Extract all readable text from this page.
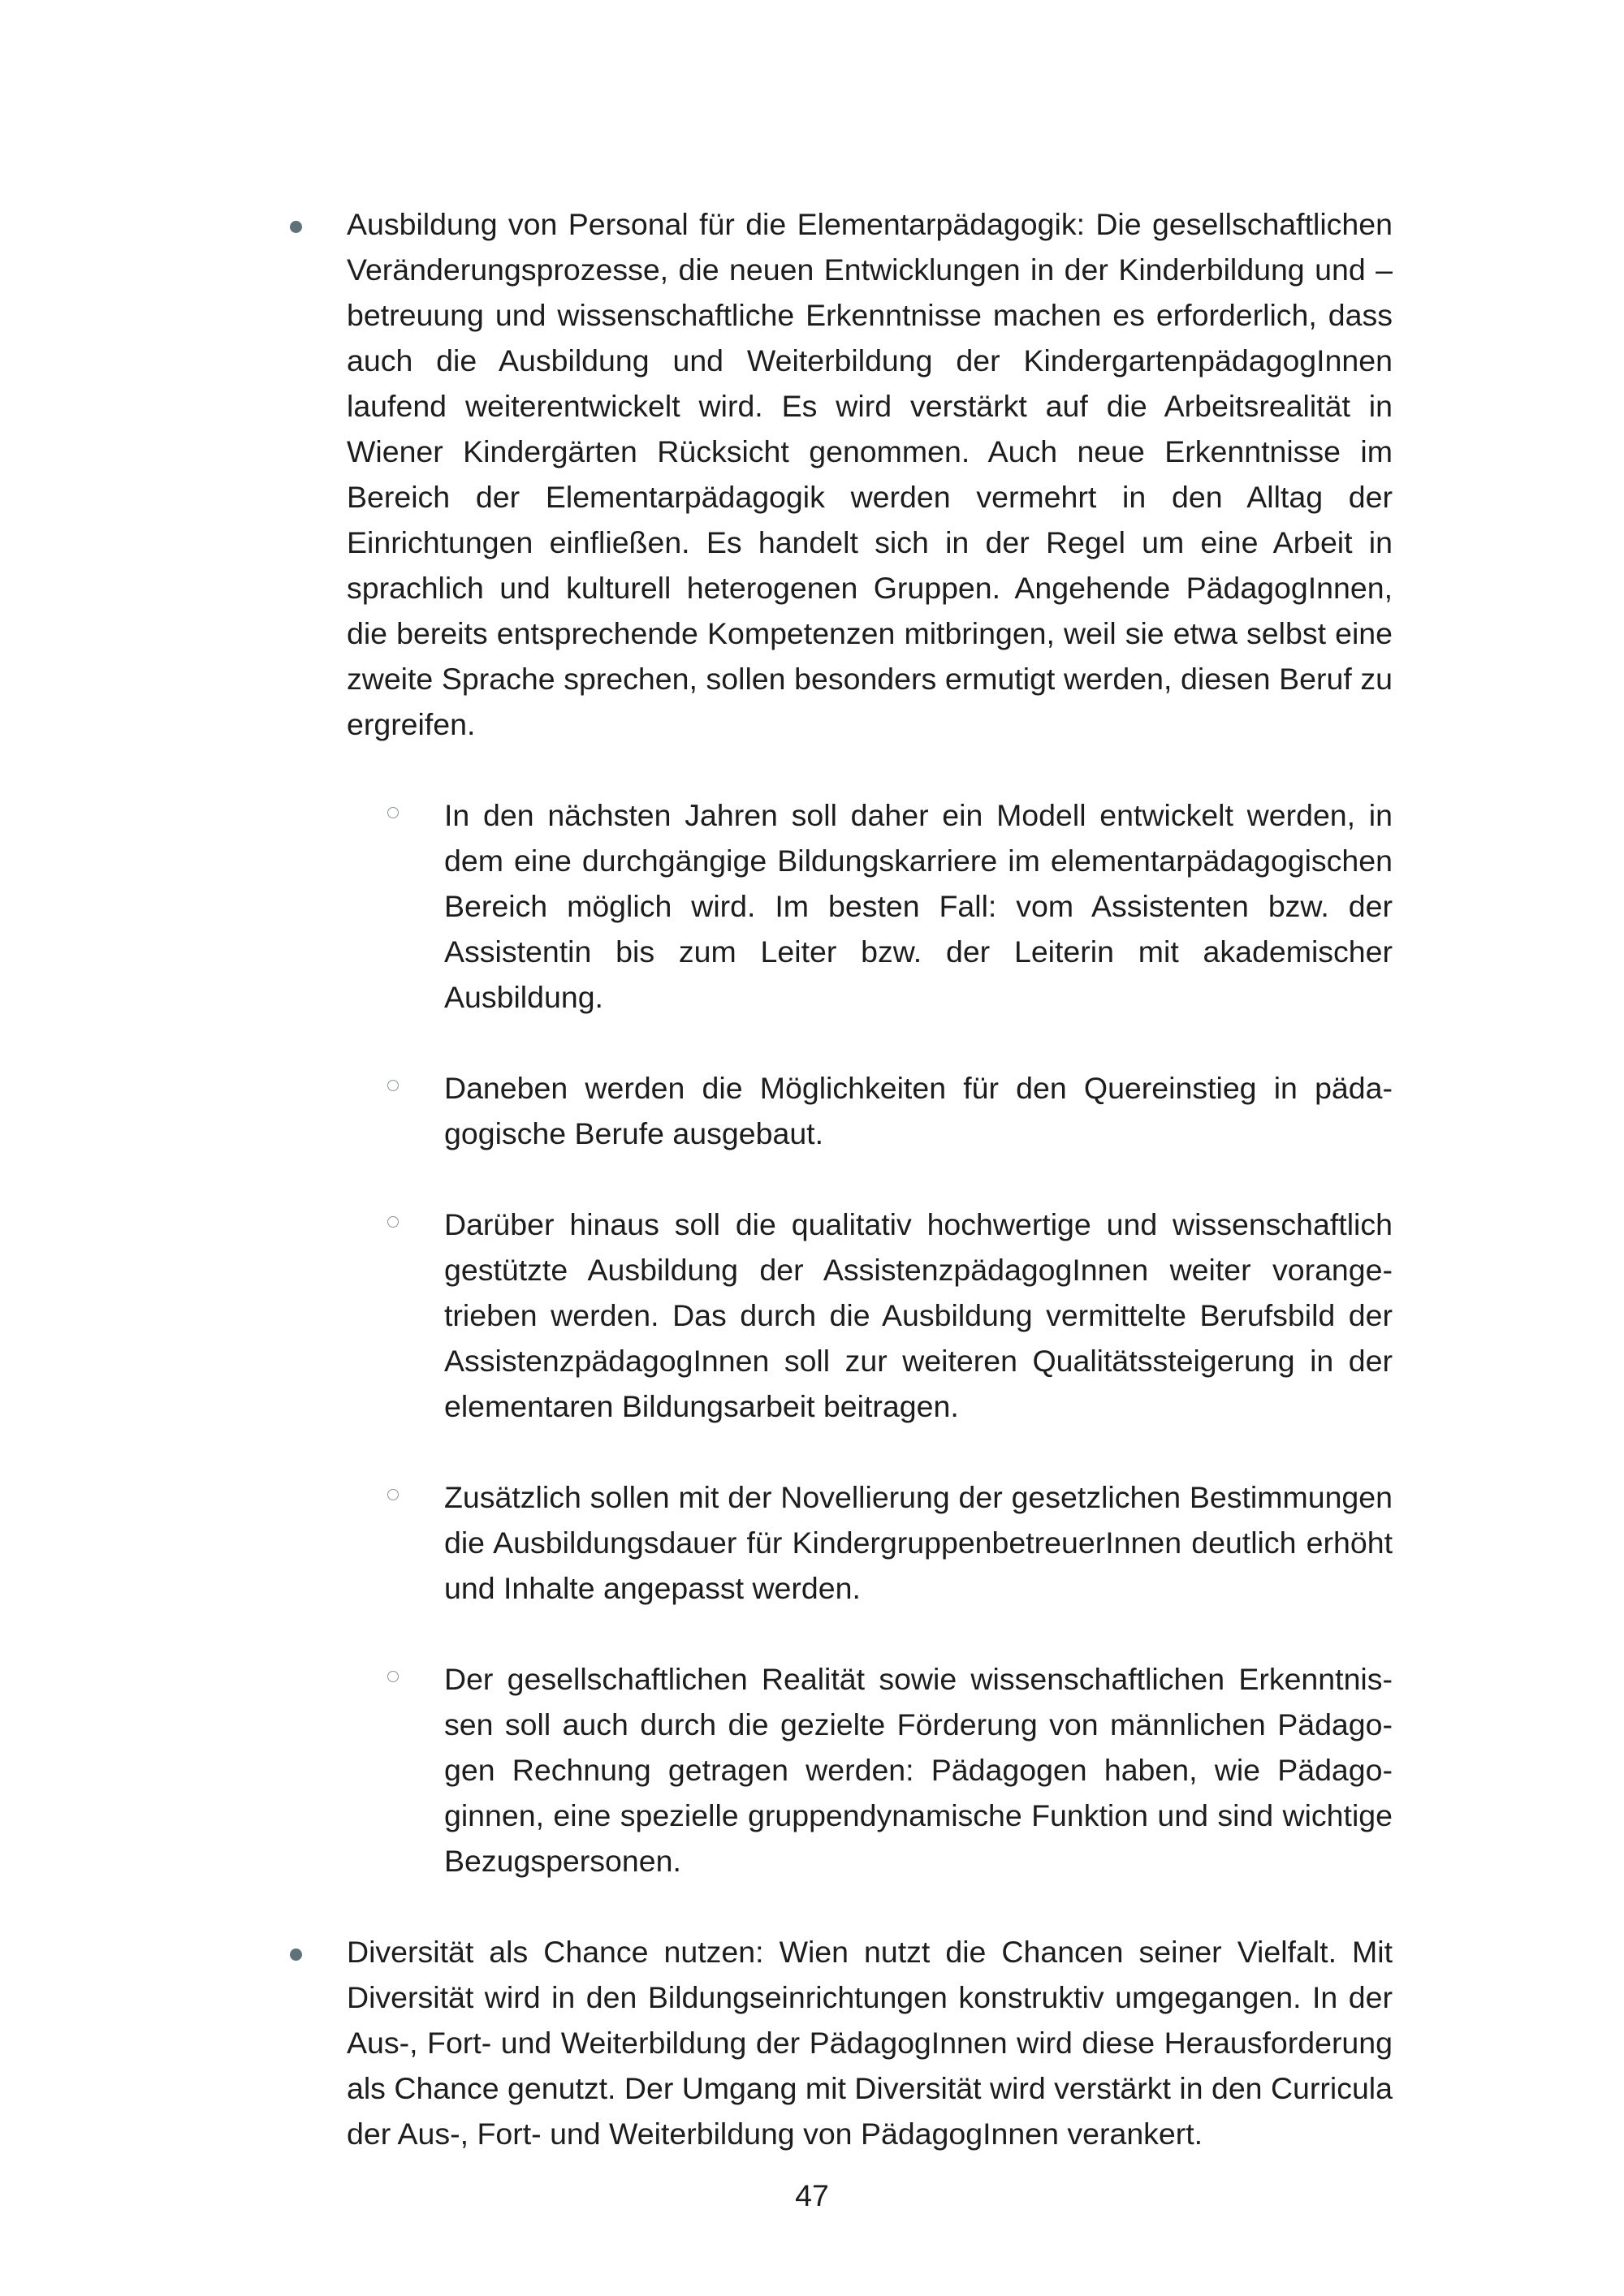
Ausbildung von Personal für die Elementarpädagogik: Die gesellschaftlichen Veränderungsprozesse, die neuen Entwicklungen in der Kinderbildung und –betreuung und wissenschaftliche Erkenntnisse machen es erforderlich, dass auch die Ausbildung und Weiterbildung der KindergartenpädagogInnen laufend weiterentwickelt wird. Es wird verstärkt auf die Arbeitsrealität in Wiener Kindergärten Rücksicht genommen. Auch neue Erkenntnisse im Bereich der Elementarpädagogik werden vermehrt in den Alltag der Einrichtungen einfließen. Es handelt sich in der Regel um eine Arbeit in sprachlich und kulturell heterogenen Gruppen. Angehende PädagogInnen, die bereits entsprechende Kompetenzen mitbringen, weil sie etwa selbst eine zweite Sprache sprechen, sollen besonders ermutigt werden, diesen Beruf zu ergreifen.

In den nächsten Jahren soll daher ein Modell entwickelt werden, in dem eine durchgängige Bildungskarriere im elementarpädagogischen Bereich möglich wird. Im besten Fall: vom Assistenten bzw. der Assistentin bis zum Leiter bzw. der Leiterin mit akademischer Ausbildung.

Daneben werden die Möglichkeiten für den Quereinstieg in pädagogische Berufe ausgebaut.

Darüber hinaus soll die qualitativ hochwertige und wissenschaftlich gestützte Ausbildung der AssistenzpädagogInnen weiter vorangetrieben werden. Das durch die Ausbildung vermittelte Berufsbild der AssistenzpädagogInnen soll zur weiteren Qualitätssteigerung in der elementaren Bildungsarbeit beitragen.

Zusätzlich sollen mit der Novellierung der gesetzlichen Bestimmungen die Ausbildungsdauer für KindergruppenbetreuerInnen deutlich erhöht und Inhalte angepasst werden.

Der gesellschaftlichen Realität sowie wissenschaftlichen Erkenntnissen soll auch durch die gezielte Förderung von männlichen Pädagogen Rechnung getragen werden: Pädagogen haben, wie Pädagoginnen, eine spezielle gruppendynamische Funktion und sind wichtige Bezugspersonen.

Diversität als Chance nutzen: Wien nutzt die Chancen seiner Vielfalt. Mit Diversität wird in den Bildungseinrichtungen konstruktiv umgegangen. In der Aus-, Fort- und Weiterbildung der PädagogInnen wird diese Herausforderung als Chance genutzt. Der Umgang mit Diversität wird verstärkt in den Curricula der Aus-, Fort- und Weiterbildung von PädagogInnen verankert.

47
